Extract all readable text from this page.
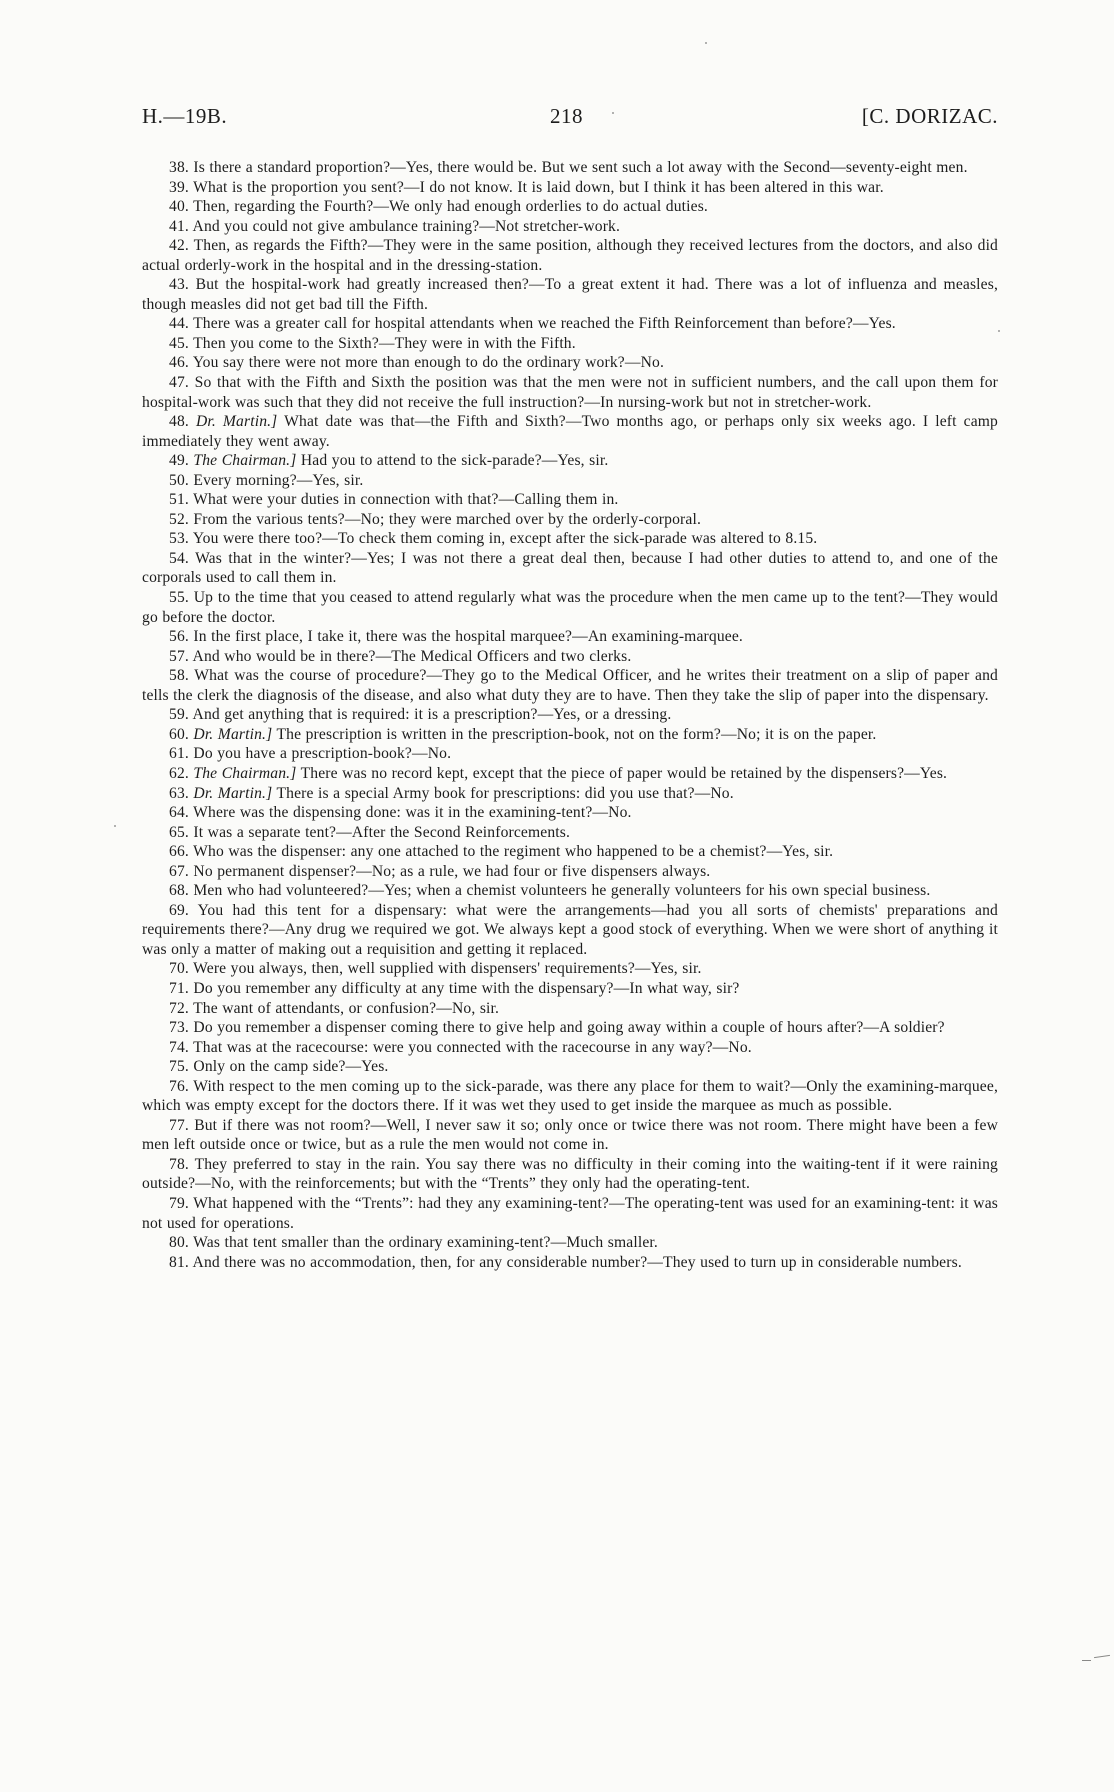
H.—19B.	218	[C. DORIZAC.

38. Is there a standard proportion?—Yes, there would be. But we sent such a lot away with the Second—seventy-eight men.

39. What is the proportion you sent?—I do not know. It is laid down, but I think it has been altered in this war.

40. Then, regarding the Fourth?—We only had enough orderlies to do actual duties.

41. And you could not give ambulance training?—Not stretcher-work.

42. Then, as regards the Fifth?—They were in the same position, although they received lectures from the doctors, and also did actual orderly-work in the hospital and in the dressing-station.

43. But the hospital-work had greatly increased then?—To a great extent it had. There was a lot of influenza and measles, though measles did not get bad till the Fifth.

44. There was a greater call for hospital attendants when we reached the Fifth Reinforcement than before?—Yes.

45. Then you come to the Sixth?—They were in with the Fifth.

46. You say there were not more than enough to do the ordinary work?—No.

47. So that with the Fifth and Sixth the position was that the men were not in sufficient numbers, and the call upon them for hospital-work was such that they did not receive the full instruction?—In nursing-work but not in stretcher-work.

48. Dr. Martin.] What date was that—the Fifth and Sixth?—Two months ago, or perhaps only six weeks ago. I left camp immediately they went away.

49. The Chairman.] Had you to attend to the sick-parade?—Yes, sir.

50. Every morning?—Yes, sir.

51. What were your duties in connection with that?—Calling them in.

52. From the various tents?—No; they were marched over by the orderly-corporal.

53. You were there too?—To check them coming in, except after the sick-parade was altered to 8.15.

54. Was that in the winter?—Yes; I was not there a great deal then, because I had other duties to attend to, and one of the corporals used to call them in.

55. Up to the time that you ceased to attend regularly what was the procedure when the men came up to the tent?—They would go before the doctor.

56. In the first place, I take it, there was the hospital marquee?—An examining-marquee.

57. And who would be in there?—The Medical Officers and two clerks.

58. What was the course of procedure?—They go to the Medical Officer, and he writes their treatment on a slip of paper and tells the clerk the diagnosis of the disease, and also what duty they are to have. Then they take the slip of paper into the dispensary.

59. And get anything that is required: it is a prescription?—Yes, or a dressing.

60. Dr. Martin.] The prescription is written in the prescription-book, not on the form?—No; it is on the paper.

61. Do you have a prescription-book?—No.

62. The Chairman.] There was no record kept, except that the piece of paper would be retained by the dispensers?—Yes.

63. Dr. Martin.] There is a special Army book for prescriptions: did you use that?—No.

64. Where was the dispensing done: was it in the examining-tent?—No.

65. It was a separate tent?—After the Second Reinforcements.

66. Who was the dispenser: any one attached to the regiment who happened to be a chemist?—Yes, sir.

67. No permanent dispenser?—No; as a rule, we had four or five dispensers always.

68. Men who had volunteered?—Yes; when a chemist volunteers he generally volunteers for his own special business.

69. You had this tent for a dispensary: what were the arrangements—had you all sorts of chemists' preparations and requirements there?—Any drug we required we got. We always kept a good stock of everything. When we were short of anything it was only a matter of making out a requisition and getting it replaced.

70. Were you always, then, well supplied with dispensers' requirements?—Yes, sir.

71. Do you remember any difficulty at any time with the dispensary?—In what way, sir?

72. The want of attendants, or confusion?—No, sir.

73. Do you remember a dispenser coming there to give help and going away within a couple of hours after?—A soldier?

74. That was at the racecourse: were you connected with the racecourse in any way?—No.

75. Only on the camp side?—Yes.

76. With respect to the men coming up to the sick-parade, was there any place for them to wait?—Only the examining-marquee, which was empty except for the doctors there. If it was wet they used to get inside the marquee as much as possible.

77. But if there was not room?—Well, I never saw it so; only once or twice there was not room. There might have been a few men left outside once or twice, but as a rule the men would not come in.

78. They preferred to stay in the rain. You say there was no difficulty in their coming into the waiting-tent if it were raining outside?—No, with the reinforcements; but with the “Trents” they only had the operating-tent.

79. What happened with the “Trents”: had they any examining-tent?—The operating-tent was used for an examining-tent: it was not used for operations.

80. Was that tent smaller than the ordinary examining-tent?—Much smaller.

81. And there was no accommodation, then, for any considerable number?—They used to turn up in considerable numbers.
